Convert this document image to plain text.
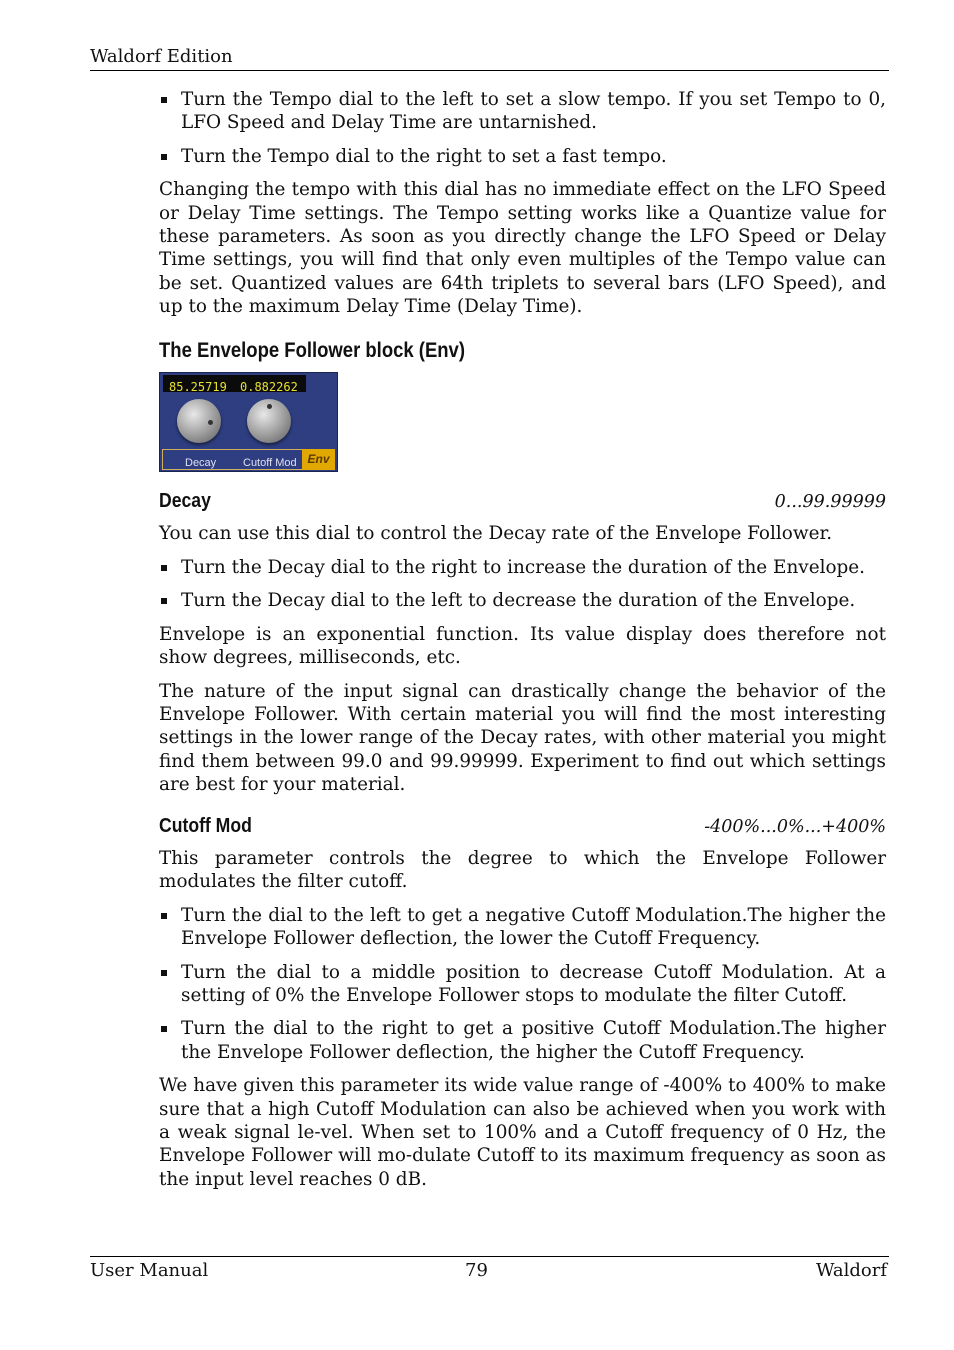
Waldorf Edition
Turn the Tempo dial to the left to set a slow tempo. If you set Tempo to 0, LFO Speed and Delay Time are untarnished.
Turn the Tempo dial to the right to set a fast tempo.

Changing the tempo with this dial has no immediate effect on the LFO Speed or Delay Time settings. The Tempo setting works like a Quantize value for these parameters. As soon as you directly change the LFO Speed or Delay Time settings, you will find that only even multiples of the Tempo value can be set. Quantized values are 64th triplets to several bars (LFO Speed), and up to the maximum Delay Time (Delay Time).

The Envelope Follower block (Env)
85.25719 0.882262
Decay Cutoff Mod Env
Decay	0...99.99999

You can use this dial to control the Decay rate of the Envelope Follower.

Turn the Decay dial to the right to increase the duration of the Envelope.
Turn the Decay dial to the left to decrease the duration of the Envelope.

Envelope is an exponential function. Its value display does therefore not show degrees, milliseconds, etc.

The nature of the input signal can drastically change the behavior of the Envelope Follower. With certain material you will find the most interesting settings in the lower range of the Decay rates, with other material you might find them between 99.0 and 99.99999. Experiment to find out which settings are best for your material.

Cutoff Mod	-400%...0%...+400%

This parameter controls the degree to which the Envelope Follower modulates the filter cutoff.

Turn the dial to the left to get a negative Cutoff Modulation.The higher the Envelope Follower deflection, the lower the Cutoff Frequency.
Turn the dial to a middle position to decrease Cutoff Modulation. At a setting of 0% the Envelope Follower stops to modulate the filter Cutoff.
Turn the dial to the right to get a positive Cutoff Modulation.The higher the Envelope Follower deflection, the higher the Cutoff Frequency.

We have given this parameter its wide value range of -400% to 400% to make sure that a high Cutoff Modulation can also be achieved when you work with a weak signal le-vel. When set to 100% and a Cutoff frequency of 0 Hz, the Envelope Follower will mo-dulate Cutoff to its maximum frequency as soon as the input level reaches 0 dB.

User Manual	79	Waldorf
